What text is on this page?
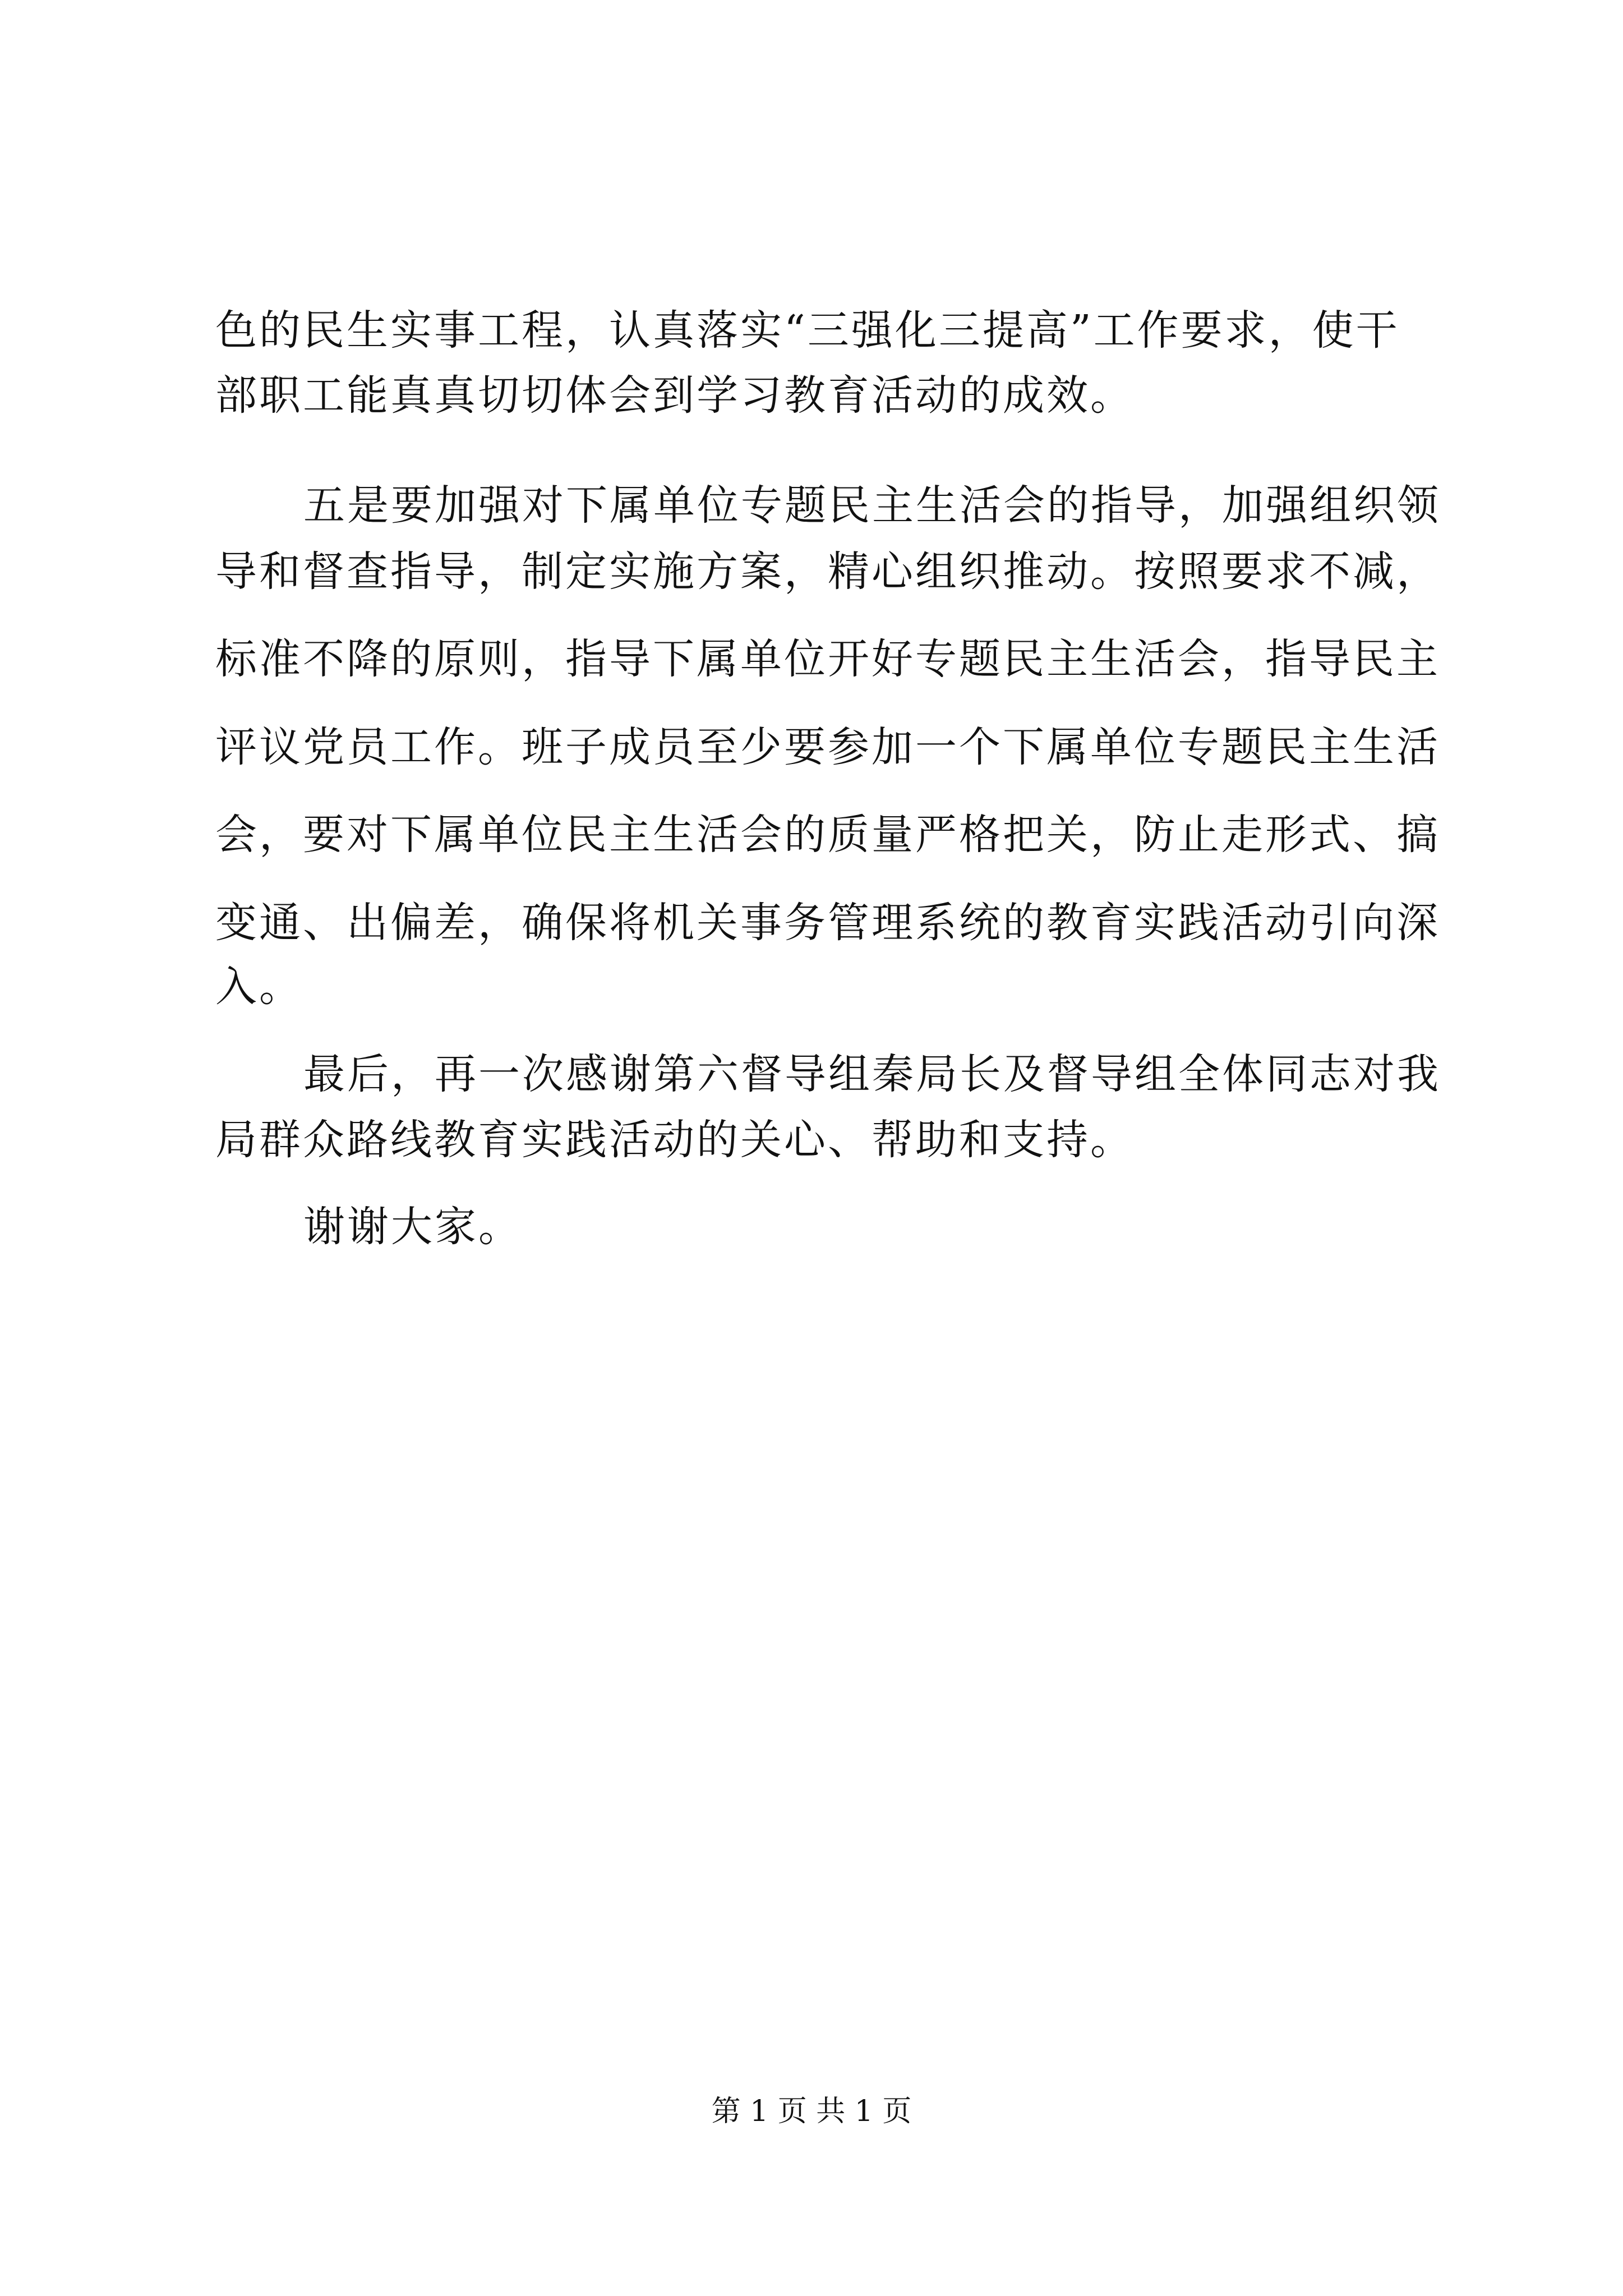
色的民生实事工程，认真落实“三强化三提高”工作要求，使干
部职工能真真切切体会到学习教育活动的成效。
五是要加强对下属单位专题民主生活会的指导，加强组织领
导和督查指导，制定实施方案，精心组织推动。按照要求不减，
标准不降的原则，指导下属单位开好专题民主生活会，指导民主
评议党员工作。班子成员至少要参加一个下属单位专题民主生活
会，要对下属单位民主生活会的质量严格把关，防止走形式、搞
变通、出偏差，确保将机关事务管理系统的教育实践活动引向深
入。
最后，再一次感谢第六督导组秦局长及督导组全体同志对我
局群众路线教育实践活动的关心、帮助和支持。
谢谢大家。
第 1 页 共 1 页
